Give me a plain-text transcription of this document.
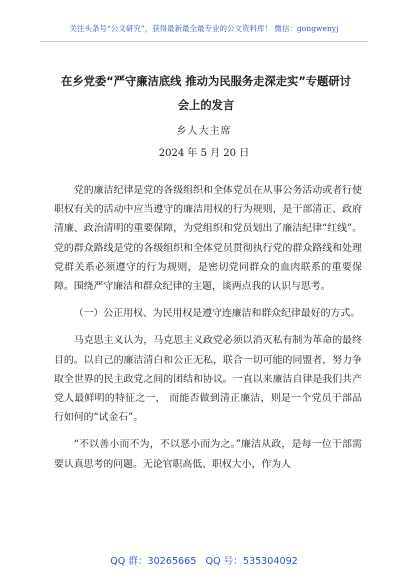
关注头条号“公文研究”，获得最新最全最专业的公文资料库！ 微信：gongwenyj
在乡党委“严守廉洁底线 推动为民服务走深走实”专题研讨会上的发言
乡人大主席
2024 年 5 月 20 日

党的廉洁纪律是党的各级组织和全体党员在从事公务活动或者行使职权有关的活动中应当遵守的廉洁用权的行为规则，是干部清正、政府清廉、政治清明的重要保障，为党组织和党员划出了廉洁纪律“红线”。党的群众路线是党的各级组织和全体党员贯彻执行党的群众路线和处理党群关系必须遵守的行为规则，是密切党同群众的血肉联系的重要保障。围绕严守廉洁和群众纪律的主题，谈两点我的认识与思考。

（一）公正用权、为民用权是遵守连廉洁和群众纪律最好的方式。

马克思主义认为，马克思主义政党必须以消灭私有制为革命的最终目的。以自己的廉洁清白和公正无私，联合一切可能的同盟者，努力争取全世界的民主政党之间的团结和协议。一直以来廉洁自律是我们共产党人最鲜明的特征之一， 而能否做到清正廉洁，则是一个党员干部品行如何的“试金石”。

“不以善小而不为，不以恶小而为之。”廉洁从政，是每一位干部需要认真思考的问题。无论官职高低、职权大小，作为人

QQ 群：30265665 QQ 号：535304092
